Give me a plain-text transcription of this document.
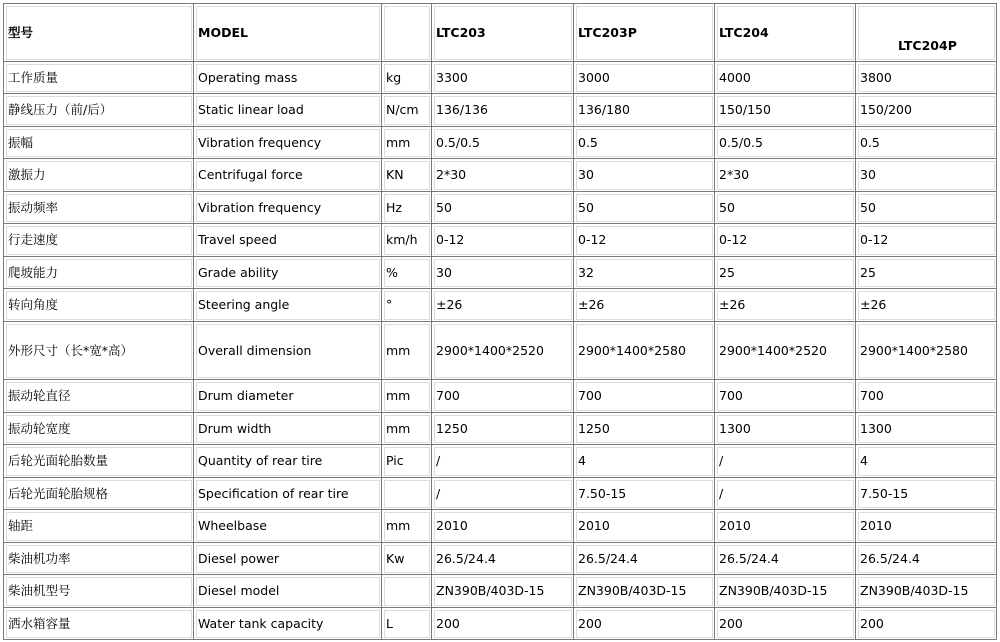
型号	MODEL		LTC203	LTC203P	LTC204	LTC204P
工作质量	Operating mass	kg	3300	3000	4000	3800
静线压力（前/后）	Static linear load	N/cm	136/136	136/180	150/150	150/200
振幅	Vibration frequency	mm	0.5/0.5	0.5	0.5/0.5	0.5
激振力	Centrifugal force	KN	2*30	30	2*30	30
振动频率	Vibration frequency	Hz	50	50	50	50
行走速度	Travel speed	km/h	0-12	0-12	0-12	0-12
爬坡能力	Grade ability	%	30	32	25	25
转向角度	Steering angle	°	±26	±26	±26	±26
外形尺寸（长*宽*高）	Overall dimension	mm	2900*1400*2520	2900*1400*2580	2900*1400*2520	2900*1400*2580
振动轮直径	Drum diameter	mm	700	700	700	700
振动轮宽度	Drum width	mm	1250	1250	1300	1300
后轮光面轮胎数量	Quantity of rear tire	Pic	/	4	/	4
后轮光面轮胎规格	Specification of rear tire		/	7.50-15	/	7.50-15
轴距	Wheelbase	mm	2010	2010	2010	2010
柴油机功率	Diesel power	Kw	26.5/24.4	26.5/24.4	26.5/24.4	26.5/24.4
柴油机型号	Diesel model		ZN390B/403D-15	ZN390B/403D-15	ZN390B/403D-15	ZN390B/403D-15
洒水箱容量	Water tank capacity	L	200	200	200	200
